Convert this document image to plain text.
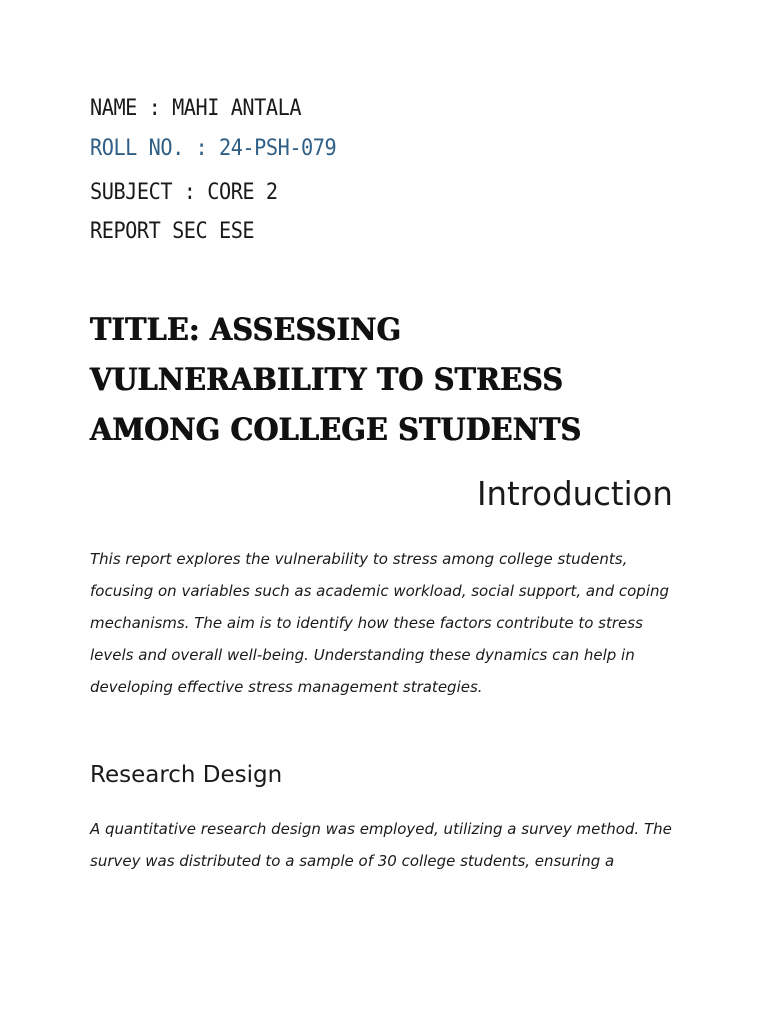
NAME : MAHI ANTALA
ROLL NO. : 24-PSH-079
SUBJECT : CORE 2
REPORT SEC ESE
TITLE: ASSESSING VULNERABILITY TO STRESS AMONG COLLEGE STUDENTS
Introduction

This report explores the vulnerability to stress among college students, focusing on variables such as academic workload, social support, and coping mechanisms. The aim is to identify how these factors contribute to stress levels and overall well-being. Understanding these dynamics can help in developing effective stress management strategies.

Research Design

A quantitative research design was employed, utilizing a survey method. The survey was distributed to a sample of 30 college students, ensuring a
